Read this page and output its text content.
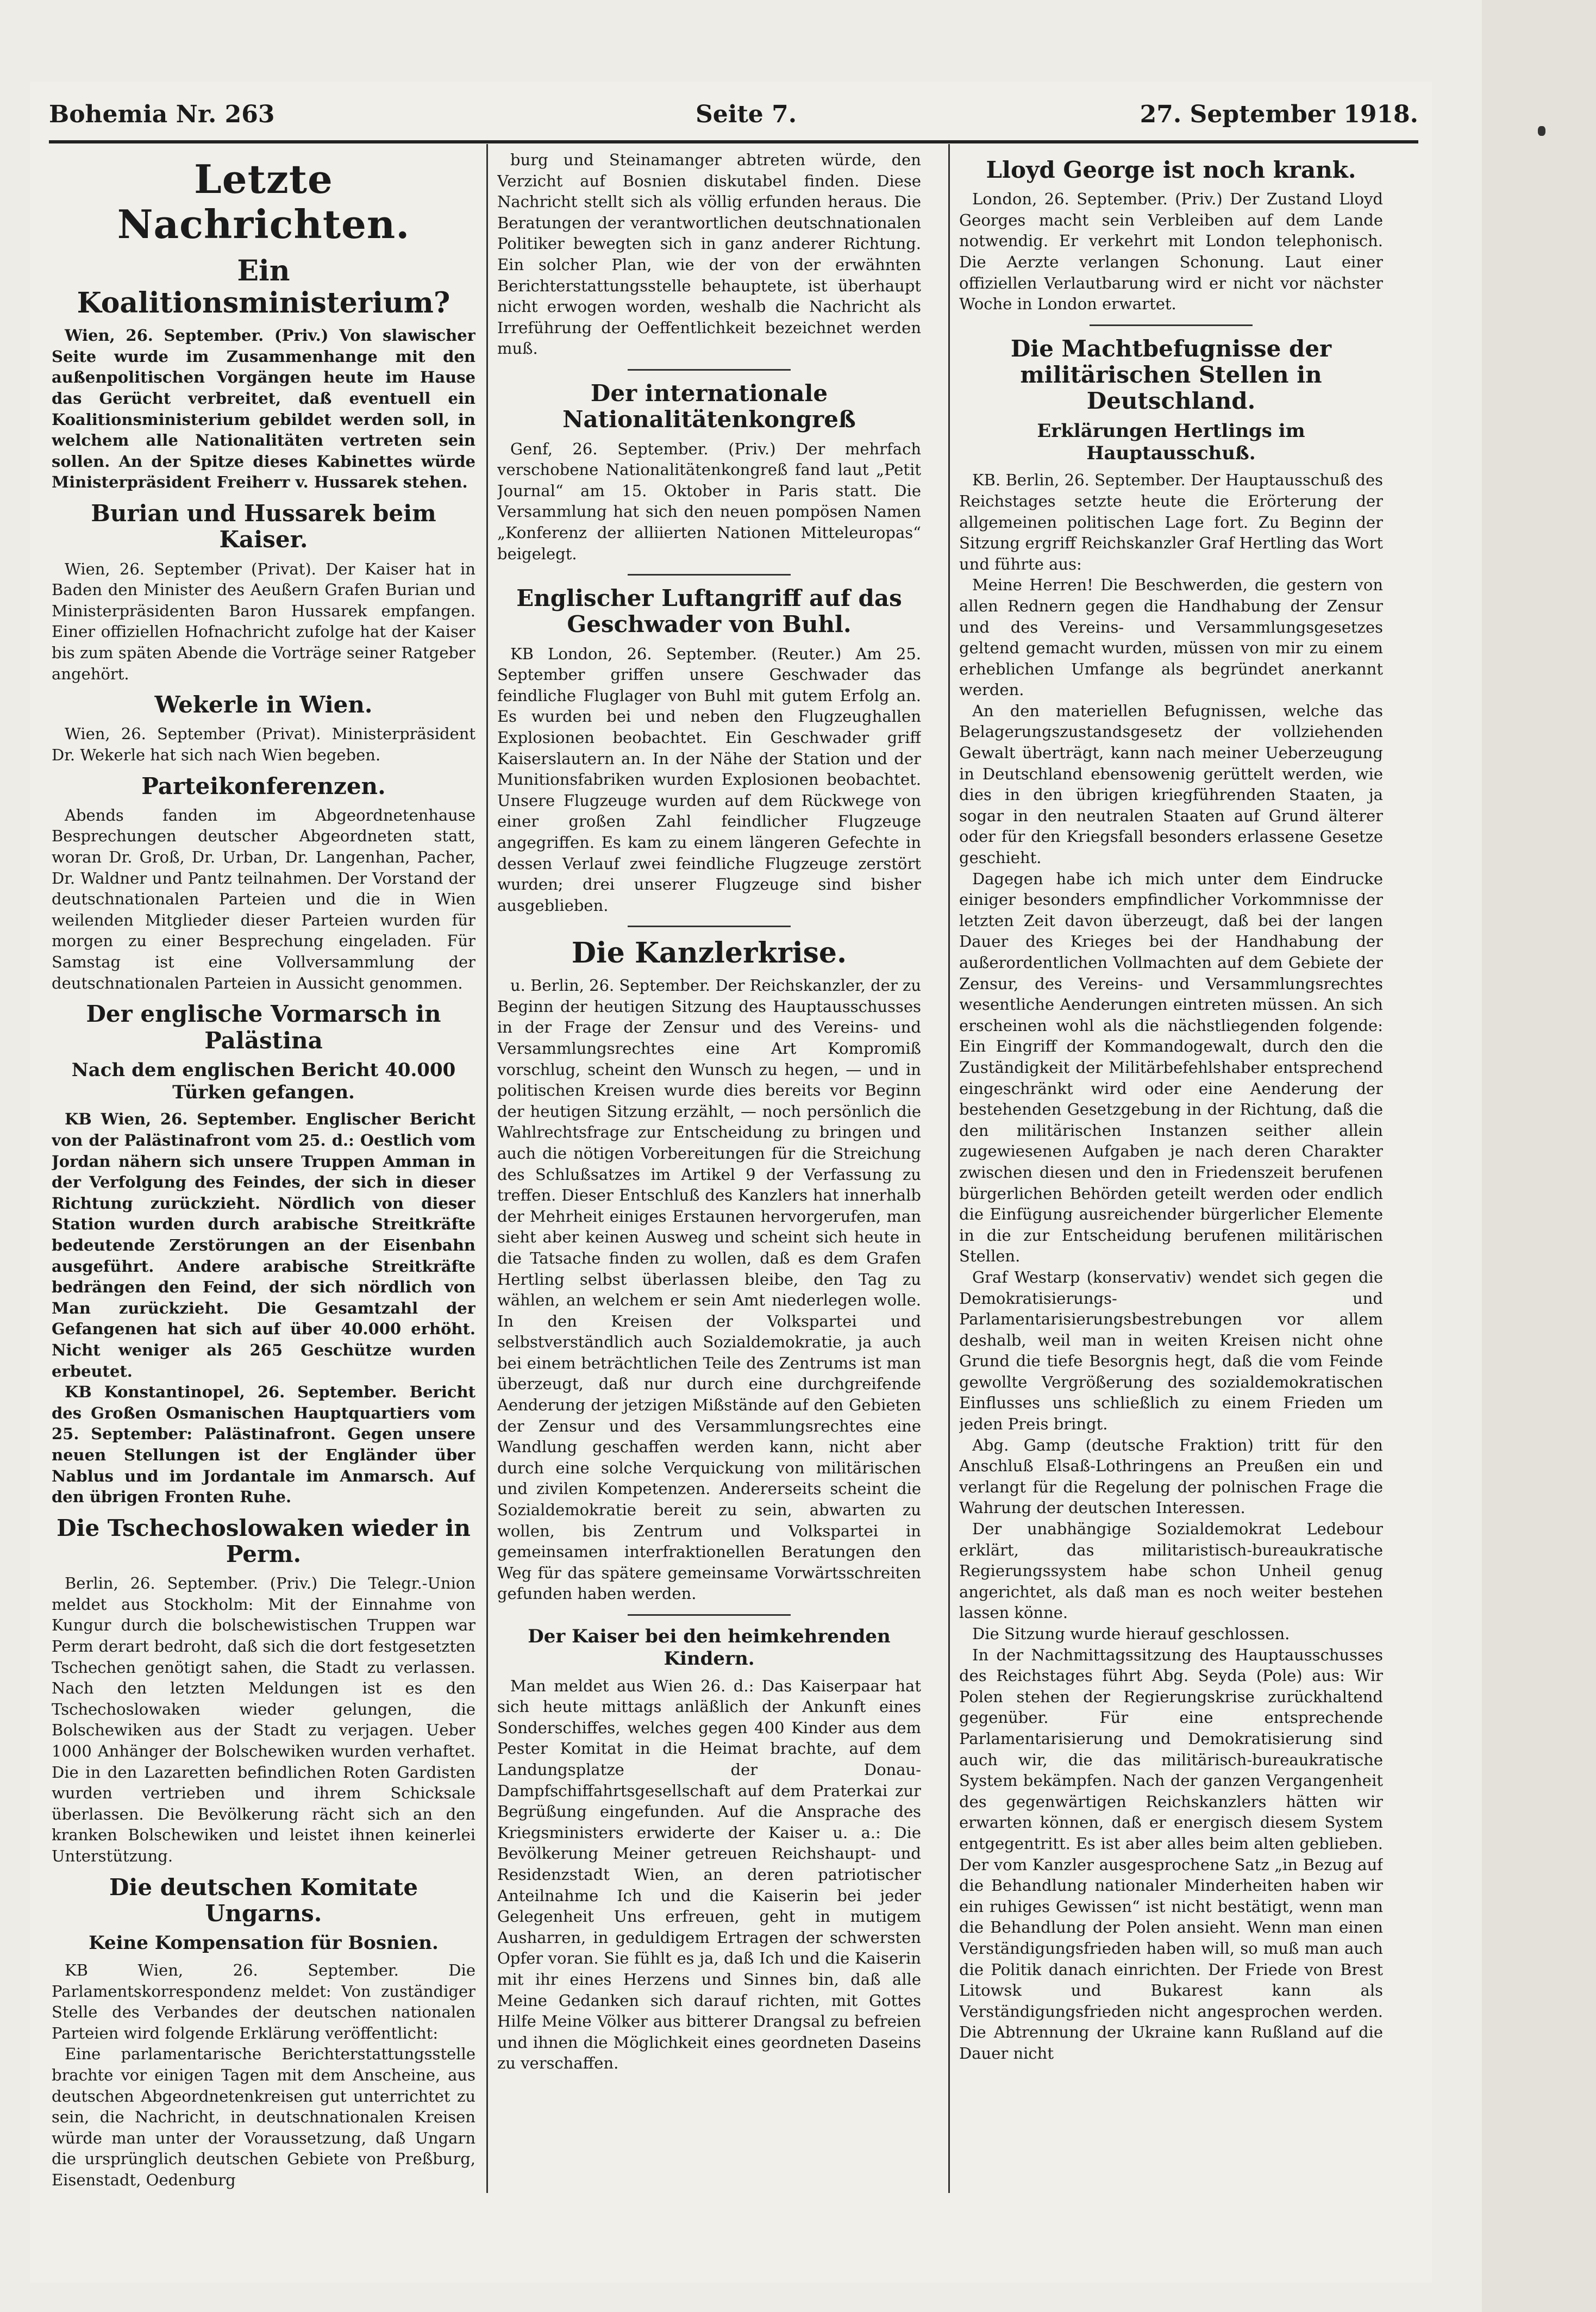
Bohemia Nr. 263	Seite 7.	27. September 1918.
Letzte Nachrichten.
Ein Koalitionsministerium?

Wien, 26. September. (Priv.) Von slawischer Seite wurde im Zusammenhange mit den außenpolitischen Vorgängen heute im Hause das Gerücht verbreitet, daß eventuell ein Koalitionsministerium gebildet werden soll, in welchem alle Nationalitäten vertreten sein sollen. An der Spitze dieses Kabinettes würde Ministerpräsident Freiherr v. Hussarek stehen.

Burian und Hussarek beim Kaiser.

Wien, 26. September (Privat). Der Kaiser hat in Baden den Minister des Aeußern Grafen Burian und Ministerpräsidenten Baron Hussarek empfangen. Einer offiziellen Hofnachricht zufolge hat der Kaiser bis zum späten Abende die Vorträge seiner Ratgeber angehört.

Wekerle in Wien.

Wien, 26. September (Privat). Ministerpräsident Dr. Wekerle hat sich nach Wien begeben.

Parteikonferenzen.

Abends fanden im Abgeordnetenhause Besprechungen deutscher Abgeordneten statt, woran Dr. Groß, Dr. Urban, Dr. Langenhan, Pacher, Dr. Waldner und Pantz teilnahmen. Der Vorstand der deutschnationalen Parteien und die in Wien weilenden Mitglieder dieser Parteien wurden für morgen zu einer Besprechung eingeladen. Für Samstag ist eine Vollversammlung der deutschnationalen Parteien in Aussicht genommen.

Der englische Vormarsch in Palästina
Nach dem englischen Bericht 40.000 Türken gefangen.

KB Wien, 26. September. Englischer Bericht von der Palästinafront vom 25. d.: Oestlich vom Jordan nähern sich unsere Truppen Amman in der Verfolgung des Feindes, der sich in dieser Richtung zurückzieht. Nördlich von dieser Station wurden durch arabische Streitkräfte bedeutende Zerstörungen an der Eisenbahn ausgeführt. Andere arabische Streitkräfte bedrängen den Feind, der sich nördlich von Man zurückzieht. Die Gesamtzahl der Gefangenen hat sich auf über 40.000 erhöht. Nicht weniger als 265 Geschütze wurden erbeutet.

KB Konstantinopel, 26. September. Bericht des Großen Osmanischen Hauptquartiers vom 25. September: Palästinafront. Gegen unsere neuen Stellungen ist der Engländer über Nablus und im Jordantale im Anmarsch. Auf den übrigen Fronten Ruhe.

Die Tschechoslowaken wieder in Perm.

Berlin, 26. September. (Priv.) Die Telegr.-Union meldet aus Stockholm: Mit der Einnahme von Kungur durch die bolschewistischen Truppen war Perm derart bedroht, daß sich die dort festgesetzten Tschechen genötigt sahen, die Stadt zu verlassen. Nach den letzten Meldungen ist es den Tschechoslowaken wieder gelungen, die Bolschewiken aus der Stadt zu verjagen. Ueber 1000 Anhänger der Bolschewiken wurden verhaftet. Die in den Lazaretten befindlichen Roten Gardisten wurden vertrieben und ihrem Schicksale überlassen. Die Bevölkerung rächt sich an den kranken Bolschewiken und leistet ihnen keinerlei Unterstützung.

Die deutschen Komitate Ungarns.
Keine Kompensation für Bosnien.

KB Wien, 26. September. Die Parlamentskorrespondenz meldet: Von zuständiger Stelle des Verbandes der deutschen nationalen Parteien wird folgende Erklärung veröffentlicht:

Eine parlamentarische Berichterstattungsstelle brachte vor einigen Tagen mit dem Anscheine, aus deutschen Abgeordnetenkreisen gut unterrichtet zu sein, die Nachricht, in deutschnationalen Kreisen würde man unter der Voraussetzung, daß Ungarn die ursprünglich deutschen Gebiete von Preßburg, Eisenstadt, Oedenburg

burg und Steinamanger abtreten würde, den Verzicht auf Bosnien diskutabel finden. Diese Nachricht stellt sich als völlig erfunden heraus. Die Beratungen der verantwortlichen deutschnationalen Politiker bewegten sich in ganz anderer Richtung. Ein solcher Plan, wie der von der erwähnten Berichterstattungsstelle behauptete, ist überhaupt nicht erwogen worden, weshalb die Nachricht als Irreführung der Oeffentlichkeit bezeichnet werden muß.

Der internationale Nationalitätenkongreß

Genf, 26. September. (Priv.) Der mehrfach verschobene Nationalitätenkongreß fand laut „Petit Journal“ am 15. Oktober in Paris statt. Die Versammlung hat sich den neuen pompösen Namen „Konferenz der alliierten Nationen Mitteleuropas“ beigelegt.

Englischer Luftangriff auf das Geschwader von Buhl.

KB London, 26. September. (Reuter.) Am 25. September griffen unsere Geschwader das feindliche Fluglager von Buhl mit gutem Erfolg an. Es wurden bei und neben den Flugzeughallen Explosionen beobachtet. Ein Geschwader griff Kaiserslautern an. In der Nähe der Station und der Munitionsfabriken wurden Explosionen beobachtet. Unsere Flugzeuge wurden auf dem Rückwege von einer großen Zahl feindlicher Flugzeuge angegriffen. Es kam zu einem längeren Gefechte in dessen Verlauf zwei feindliche Flugzeuge zerstört wurden; drei unserer Flugzeuge sind bisher ausgeblieben.

Die Kanzlerkrise.

u. Berlin, 26. September. Der Reichskanzler, der zu Beginn der heutigen Sitzung des Hauptausschusses in der Frage der Zensur und des Vereins- und Versammlungsrechtes eine Art Kompromiß vorschlug, scheint den Wunsch zu hegen, — und in politischen Kreisen wurde dies bereits vor Beginn der heutigen Sitzung erzählt, — noch persönlich die Wahlrechtsfrage zur Entscheidung zu bringen und auch die nötigen Vorbereitungen für die Streichung des Schlußsatzes im Artikel 9 der Verfassung zu treffen. Dieser Entschluß des Kanzlers hat innerhalb der Mehrheit einiges Erstaunen hervorgerufen, man sieht aber keinen Ausweg und scheint sich heute in die Tatsache finden zu wollen, daß es dem Grafen Hertling selbst überlassen bleibe, den Tag zu wählen, an welchem er sein Amt niederlegen wolle. In den Kreisen der Volkspartei und selbstverständlich auch Sozialdemokratie, ja auch bei einem beträchtlichen Teile des Zentrums ist man überzeugt, daß nur durch eine durchgreifende Aenderung der jetzigen Mißstände auf den Gebieten der Zensur und des Versammlungsrechtes eine Wandlung geschaffen werden kann, nicht aber durch eine solche Verquickung von militärischen und zivilen Kompetenzen. Andererseits scheint die Sozialdemokratie bereit zu sein, abwarten zu wollen, bis Zentrum und Volkspartei in gemeinsamen interfraktionellen Beratungen den Weg für das spätere gemeinsame Vorwärtsschreiten gefunden haben werden.

Der Kaiser bei den heimkehrenden Kindern.

Man meldet aus Wien 26. d.: Das Kaiserpaar hat sich heute mittags anläßlich der Ankunft eines Sonderschiffes, welches gegen 400 Kinder aus dem Pester Komitat in die Heimat brachte, auf dem Landungsplatze der Donau-Dampfschiffahrtsgesellschaft auf dem Praterkai zur Begrüßung eingefunden. Auf die Ansprache des Kriegsministers erwiderte der Kaiser u. a.: Die Bevölkerung Meiner getreuen Reichshaupt- und Residenzstadt Wien, an deren patriotischer Anteilnahme Ich und die Kaiserin bei jeder Gelegenheit Uns erfreuen, geht in mutigem Ausharren, in geduldigem Ertragen der schwersten Opfer voran. Sie fühlt es ja, daß Ich und die Kaiserin mit ihr eines Herzens und Sinnes bin, daß alle Meine Gedanken sich darauf richten, mit Gottes Hilfe Meine Völker aus bitterer Drangsal zu befreien und ihnen die Möglichkeit eines geordneten Daseins zu verschaffen.

Lloyd George ist noch krank.

London, 26. September. (Priv.) Der Zustand Lloyd Georges macht sein Verbleiben auf dem Lande notwendig. Er verkehrt mit London telephonisch. Die Aerzte verlangen Schonung. Laut einer offiziellen Verlautbarung wird er nicht vor nächster Woche in London erwartet.

Die Machtbefugnisse der militärischen Stellen in Deutschland.
Erklärungen Hertlings im Hauptausschuß.

KB. Berlin, 26. September. Der Hauptausschuß des Reichstages setzte heute die Erörterung der allgemeinen politischen Lage fort. Zu Beginn der Sitzung ergriff Reichskanzler Graf Hertling das Wort und führte aus:

Meine Herren! Die Beschwerden, die gestern von allen Rednern gegen die Handhabung der Zensur und des Vereins- und Versammlungsgesetzes geltend gemacht wurden, müssen von mir zu einem erheblichen Umfange als begründet anerkannt werden.

An den materiellen Befugnissen, welche das Belagerungszustandsgesetz der vollziehenden Gewalt überträgt, kann nach meiner Ueberzeugung in Deutschland ebensowenig gerüttelt werden, wie dies in den übrigen kriegführenden Staaten, ja sogar in den neutralen Staaten auf Grund älterer oder für den Kriegsfall besonders erlassene Gesetze geschieht.

Dagegen habe ich mich unter dem Eindrucke einiger besonders empfindlicher Vorkommnisse der letzten Zeit davon überzeugt, daß bei der langen Dauer des Krieges bei der Handhabung der außerordentlichen Vollmachten auf dem Gebiete der Zensur, des Vereins- und Versammlungsrechtes wesentliche Aenderungen eintreten müssen. An sich erscheinen wohl als die nächstliegenden folgende: Ein Eingriff der Kommandogewalt, durch den die Zuständigkeit der Militärbefehlshaber entsprechend eingeschränkt wird oder eine Aenderung der bestehenden Gesetzgebung in der Richtung, daß die den militärischen Instanzen seither allein zugewiesenen Aufgaben je nach deren Charakter zwischen diesen und den in Friedenszeit berufenen bürgerlichen Behörden geteilt werden oder endlich die Einfügung ausreichender bürgerlicher Elemente in die zur Entscheidung berufenen militärischen Stellen.

Graf Westarp (konservativ) wendet sich gegen die Demokratisierungs- und Parlamentarisierungsbestrebungen vor allem deshalb, weil man in weiten Kreisen nicht ohne Grund die tiefe Besorgnis hegt, daß die vom Feinde gewollte Vergrößerung des sozialdemokratischen Einflusses uns schließlich zu einem Frieden um jeden Preis bringt.

Abg. Gamp (deutsche Fraktion) tritt für den Anschluß Elsaß-Lothringens an Preußen ein und verlangt für die Regelung der polnischen Frage die Wahrung der deutschen Interessen.

Der unabhängige Sozialdemokrat Ledebour erklärt, das militaristisch-bureaukratische Regierungssystem habe schon Unheil genug angerichtet, als daß man es noch weiter bestehen lassen könne.

Die Sitzung wurde hierauf geschlossen.

In der Nachmittagssitzung des Hauptausschusses des Reichstages führt Abg. Seyda (Pole) aus: Wir Polen stehen der Regierungskrise zurückhaltend gegenüber. Für eine entsprechende Parlamentarisierung und Demokratisierung sind auch wir, die das militärisch-bureaukratische System bekämpfen. Nach der ganzen Vergangenheit des gegenwärtigen Reichskanzlers hätten wir erwarten können, daß er energisch diesem System entgegentritt. Es ist aber alles beim alten geblieben. Der vom Kanzler ausgesprochene Satz „in Bezug auf die Behandlung nationaler Minderheiten haben wir ein ruhiges Gewissen“ ist nicht bestätigt, wenn man die Behandlung der Polen ansieht. Wenn man einen Verständigungsfrieden haben will, so muß man auch die Politik danach einrichten. Der Friede von Brest Litowsk und Bukarest kann als Verständigungsfrieden nicht angesprochen werden. Die Abtrennung der Ukraine kann Rußland auf die Dauer nicht
